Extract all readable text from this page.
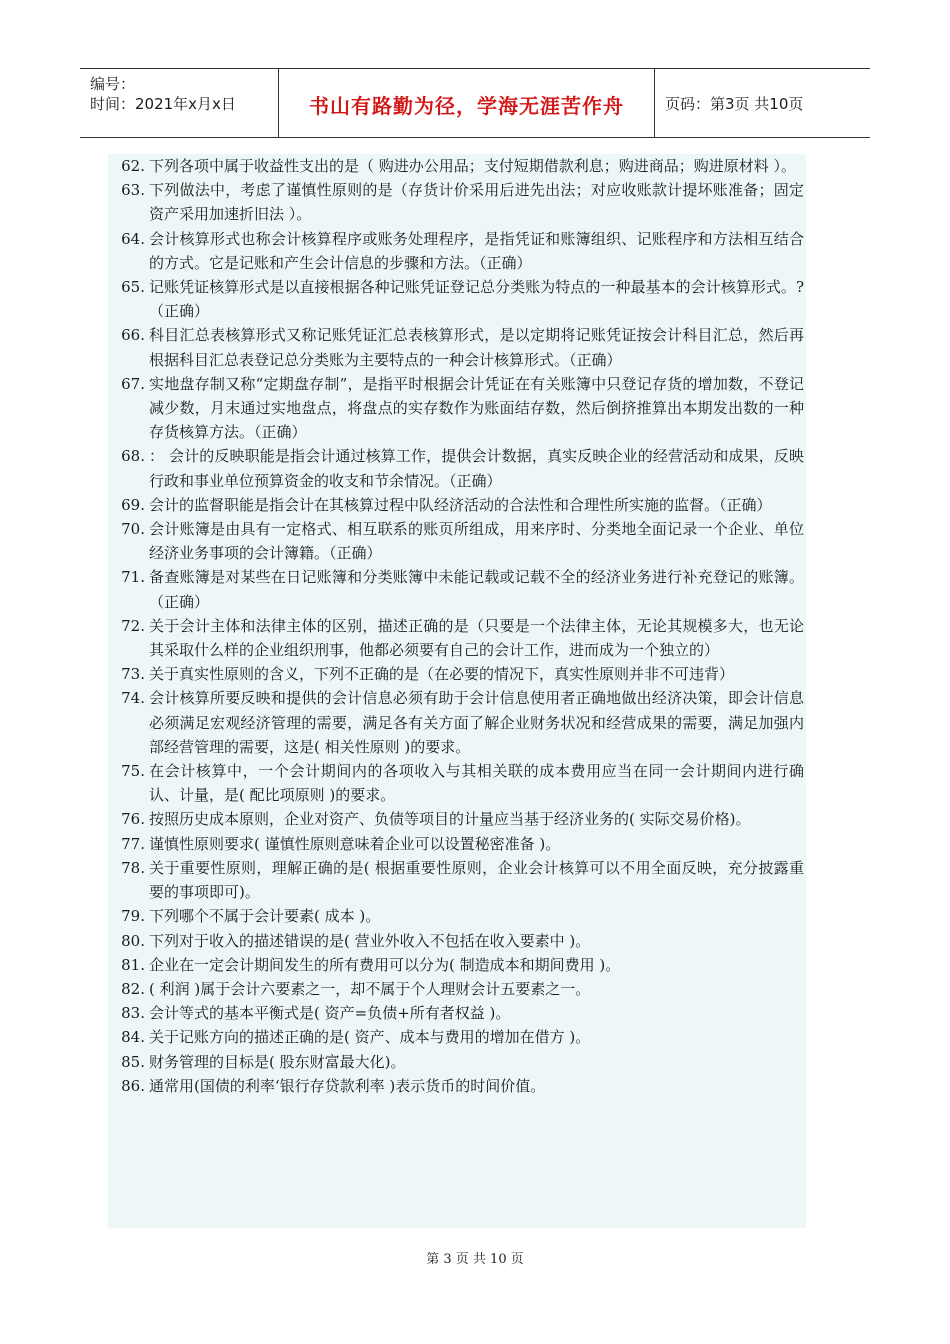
编号：
时间：2021年x月x日	书山有路勤为径，学海无涯苦作舟	页码：第3页 共10页
62. 下列各项中属于收益性支出的是（ 购进办公用品；支付短期借款利息；购进商品；购进原材料 ）。
63. 下列做法中，考虑了谨慎性原则的是（存货计价采用后进先出法；对应收账款计提坏账准备；固定资产采用加速折旧法 ）。
64. 会计核算形式也称会计核算程序或账务处理程序，是指凭证和账簿组织、记账程序和方法相互结合的方式。它是记账和产生会计信息的步骤和方法。（正确）
65. 记账凭证核算形式是以直接根据各种记账凭证登记总分类账为特点的一种最基本的会计核算形式。?（正确）
66. 科目汇总表核算形式又称记账凭证汇总表核算形式，是以定期将记账凭证按会计科目汇总，然后再根据科目汇总表登记总分类账为主要特点的一种会计核算形式。（正确）
67. 实地盘存制又称“定期盘存制”，是指平时根据会计凭证在有关账簿中只登记存货的增加数，不登记减少数，月末通过实地盘点，将盘点的实存数作为账面结存数，然后倒挤推算出本期发出数的一种存货核算方法。（正确）
68. ： 会计的反映职能是指会计通过核算工作，提供会计数据，真实反映企业的经营活动和成果，反映行政和事业单位预算资金的收支和节余情况。（正确）
69. 会计的监督职能是指会计在其核算过程中队经济活动的合法性和合理性所实施的监督。（正确）
70. 会计账簿是由具有一定格式、相互联系的账页所组成，用来序时、分类地全面记录一个企业、单位经济业务事项的会计簿籍。（正确）
71. 备查账簿是对某些在日记账簿和分类账簿中未能记载或记载不全的经济业务进行补充登记的账簿。（正确）
72. 关于会计主体和法律主体的区别，描述正确的是（只要是一个法律主体，无论其规模多大，也无论其采取什么样的企业组织刑事，他都必须要有自己的会计工作，进而成为一个独立的）
73. 关于真实性原则的含义，下列不正确的是（在必要的情况下，真实性原则并非不可违背）
74. 会计核算所要反映和提供的会计信息必须有助于会计信息使用者正确地做出经济决策，即会计信息必须满足宏观经济管理的需要，满足各有关方面了解企业财务状况和经营成果的需要，满足加强内部经营管理的需要，这是( 相关性原则 )的要求。
75. 在会计核算中，一个会计期间内的各项收入与其相关联的成本费用应当在同一会计期间内进行确认、计量，是( 配比项原则 )的要求。
76. 按照历史成本原则，企业对资产、负债等项目的计量应当基于经济业务的( 实际交易价格)。
77. 谨慎性原则要求( 谨慎性原则意味着企业可以设置秘密准备 )。
78. 关于重要性原则，理解正确的是( 根据重要性原则，企业会计核算可以不用全面反映，充分披露重要的事项即可)。
79. 下列哪个不属于会计要素( 成本 )。
80. 下列对于收入的描述错误的是( 营业外收入不包括在收入要素中 )。
81. 企业在一定会计期间发生的所有费用可以分为( 制造成本和期间费用 )。
82. ( 利润 )属于会计六要素之一，却不属于个人理财会计五要素之一。
83. 会计等式的基本平衡式是( 资产=负债+所有者权益 )。
84. 关于记账方向的描述正确的是( 资产、成本与费用的增加在借方 )。
85. 财务管理的目标是( 股东财富最大化)。
86. 通常用(国债的利率‘银行存贷款利率 )表示货币的时间价值。
第 3 页 共 10 页
